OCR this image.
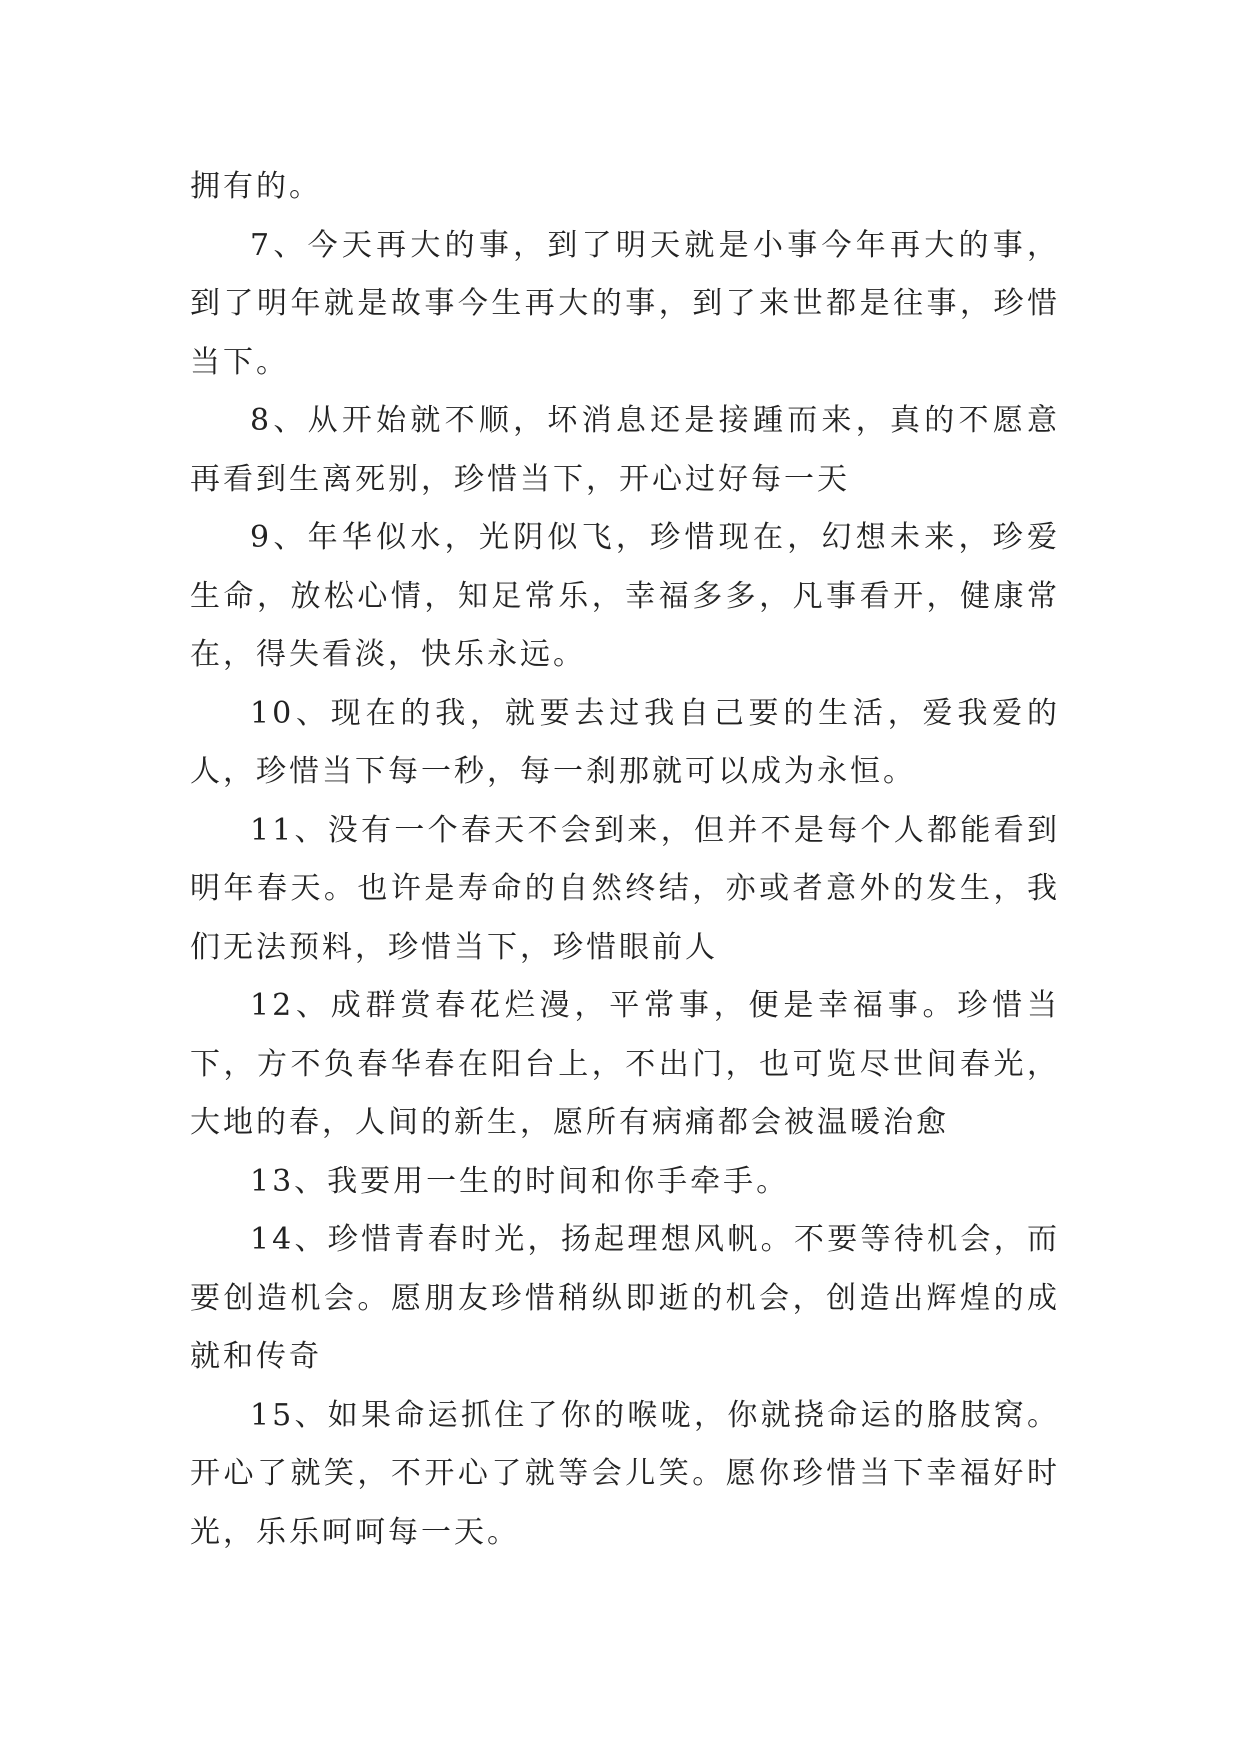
拥有的。

7、今天再大的事，到了明天就是小事今年再大的事，到了明年就是故事今生再大的事，到了来世都是往事，珍惜当下。

8、从开始就不顺，坏消息还是接踵而来，真的不愿意再看到生离死别，珍惜当下，开心过好每一天

9、年华似水，光阴似飞，珍惜现在，幻想未来，珍爱生命，放松心情，知足常乐，幸福多多，凡事看开，健康常在，得失看淡，快乐永远。

10、现在的我，就要去过我自己要的生活，爱我爱的人，珍惜当下每一秒，每一刹那就可以成为永恒。

11、没有一个春天不会到来，但并不是每个人都能看到明年春天。也许是寿命的自然终结，亦或者意外的发生，我们无法预料，珍惜当下，珍惜眼前人

12、成群赏春花烂漫，平常事，便是幸福事。珍惜当下，方不负春华春在阳台上，不出门，也可览尽世间春光，大地的春，人间的新生，愿所有病痛都会被温暖治愈

13、我要用一生的时间和你手牵手。

14、珍惜青春时光，扬起理想风帆。不要等待机会，而要创造机会。愿朋友珍惜稍纵即逝的机会，创造出辉煌的成就和传奇

15、如果命运抓住了你的喉咙，你就挠命运的胳肢窝。开心了就笑，不开心了就等会儿笑。愿你珍惜当下幸福好时光，乐乐呵呵每一天。
